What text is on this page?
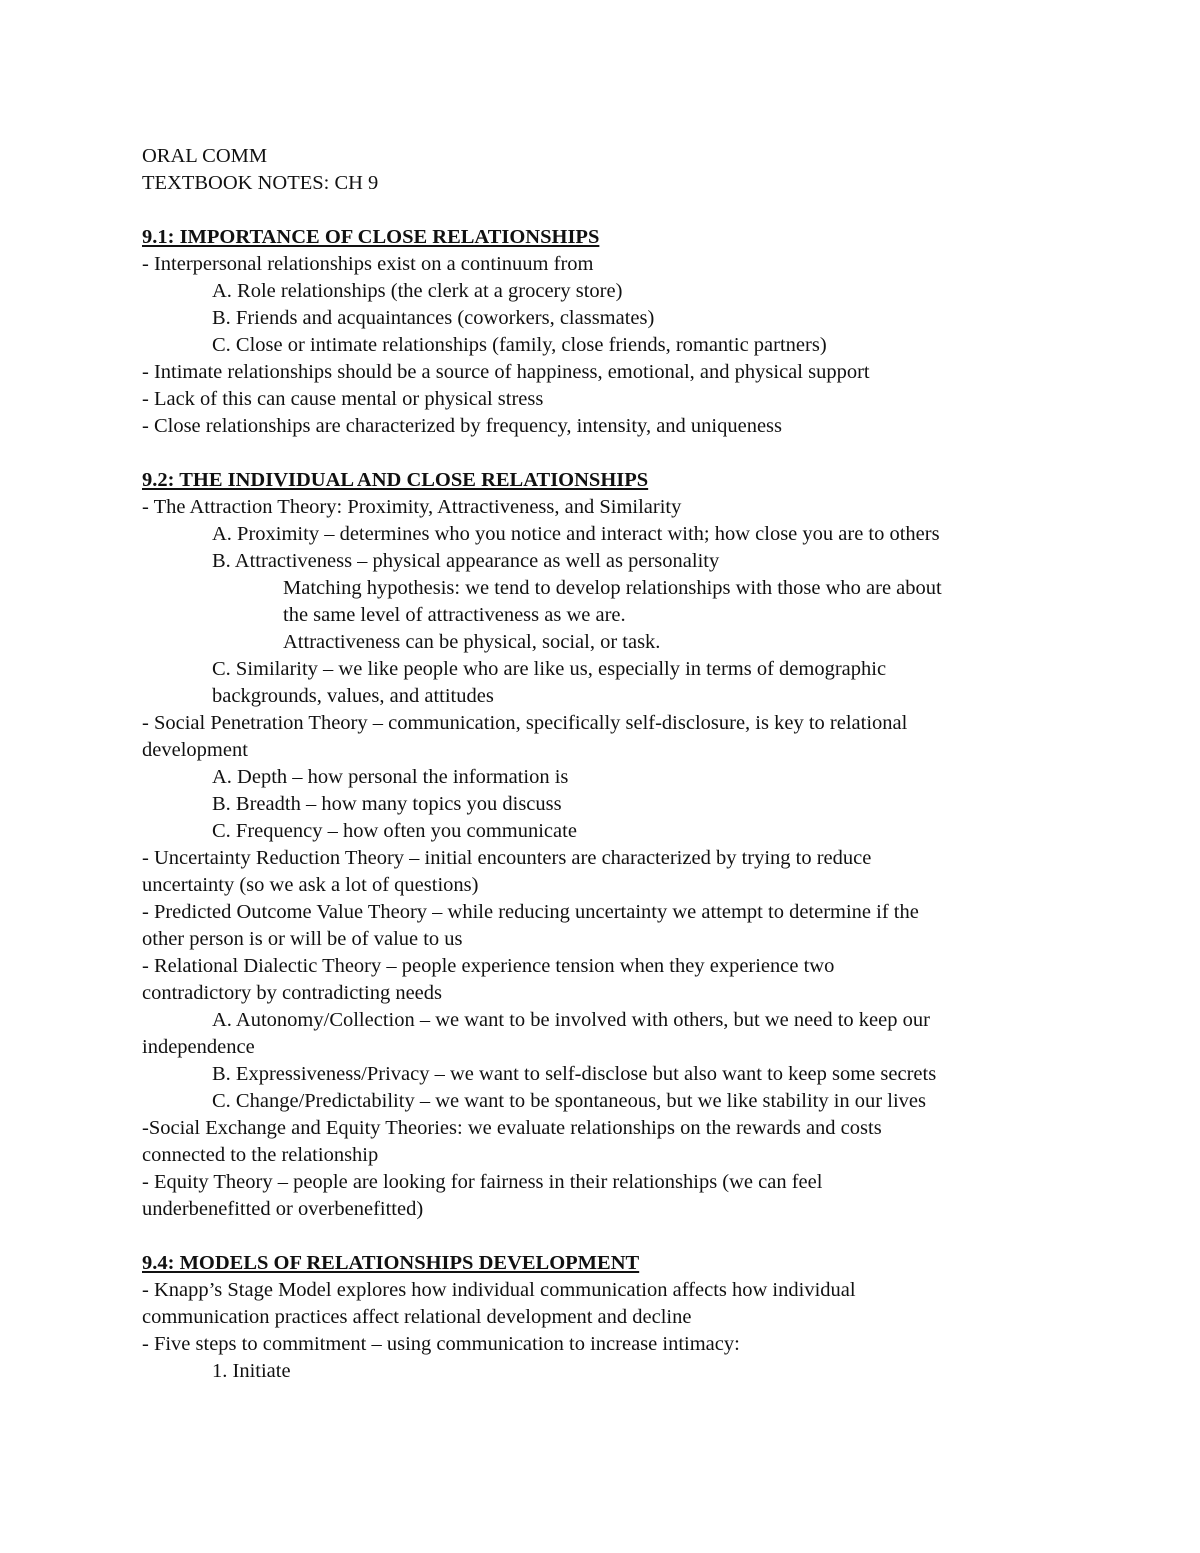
ORAL COMM
TEXTBOOK NOTES: CH 9
9.1: IMPORTANCE OF CLOSE RELATIONSHIPS
- Interpersonal relationships exist on a continuum from
A. Role relationships (the clerk at a grocery store)
B. Friends and acquaintances (coworkers, classmates)
C. Close or intimate relationships (family, close friends, romantic partners)
- Intimate relationships should be a source of happiness, emotional, and physical support
- Lack of this can cause mental or physical stress
- Close relationships are characterized by frequency, intensity, and uniqueness
9.2: THE INDIVIDUAL AND CLOSE RELATIONSHIPS
- The Attraction Theory: Proximity, Attractiveness, and Similarity
A. Proximity – determines who you notice and interact with; how close you are to others
B. Attractiveness – physical appearance as well as personality
Matching hypothesis: we tend to develop relationships with those who are about
the same level of attractiveness as we are.
Attractiveness can be physical, social, or task.
C. Similarity – we like people who are like us, especially in terms of demographic
backgrounds, values, and attitudes
- Social Penetration Theory – communication, specifically self-disclosure, is key to relational
development
A. Depth – how personal the information is
B. Breadth – how many topics you discuss
C. Frequency – how often you communicate
- Uncertainty Reduction Theory – initial encounters are characterized by trying to reduce
uncertainty (so we ask a lot of questions)
- Predicted Outcome Value Theory – while reducing uncertainty we attempt to determine if the
other person is or will be of value to us
- Relational Dialectic Theory – people experience tension when they experience two
contradictory by contradicting needs
A. Autonomy/Collection – we want to be involved with others, but we need to keep our
independence
B. Expressiveness/Privacy – we want to self-disclose but also want to keep some secrets
C. Change/Predictability – we want to be spontaneous, but we like stability in our lives
-Social Exchange and Equity Theories: we evaluate relationships on the rewards and costs
connected to the relationship
- Equity Theory – people are looking for fairness in their relationships (we can feel
underbenefitted or overbenefitted)
9.4: MODELS OF RELATIONSHIPS DEVELOPMENT
- Knapp’s Stage Model explores how individual communication affects how individual
communication practices affect relational development and decline
- Five steps to commitment – using communication to increase intimacy:
1. Initiate
